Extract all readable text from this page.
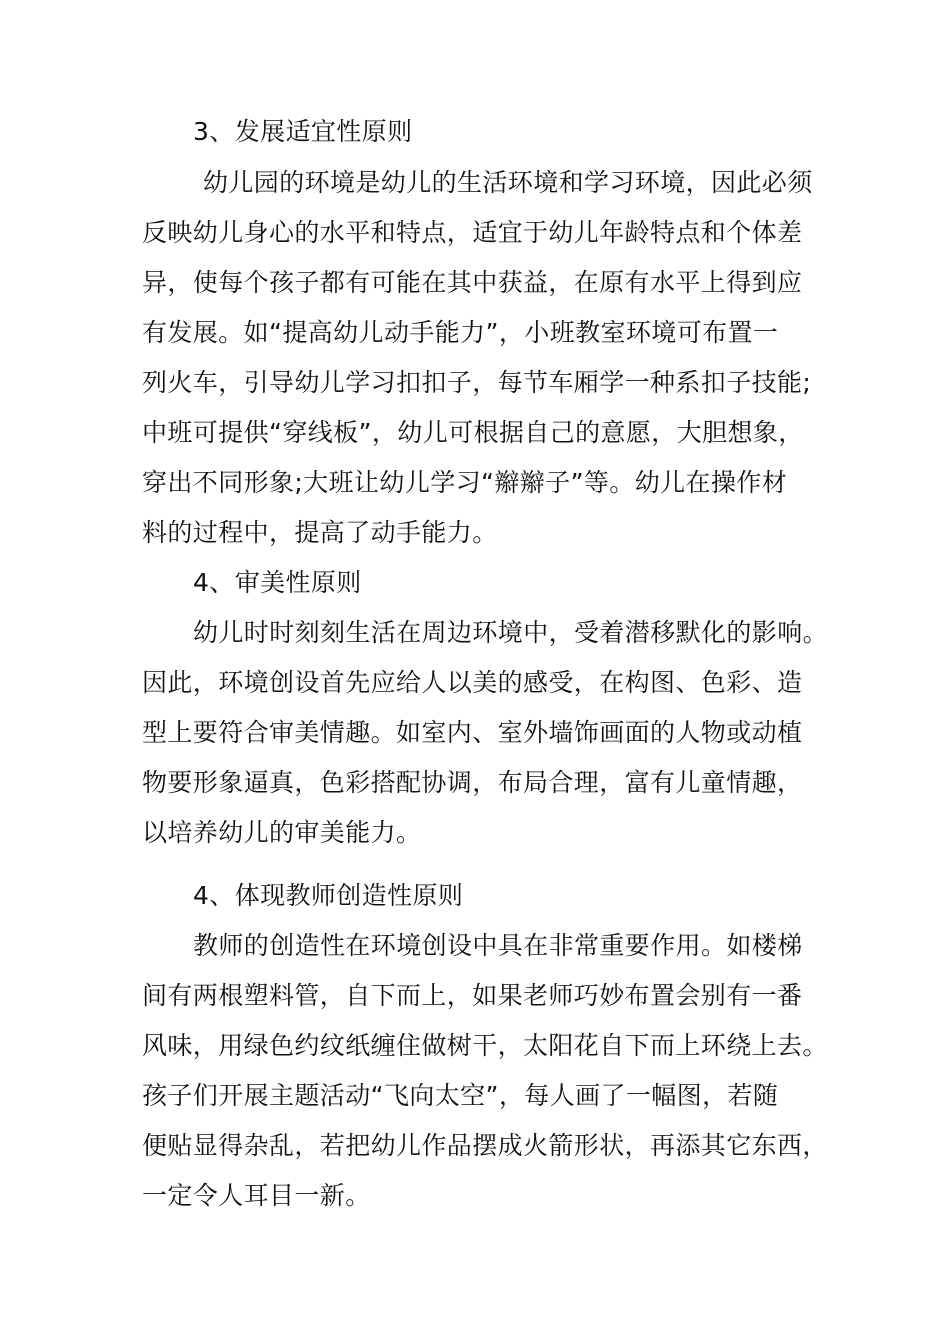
3、发展适宜性原则
幼儿园的环境是幼儿的生活环境和学习环境，因此必须
反映幼儿身心的水平和特点，适宜于幼儿年龄特点和个体差
异，使每个孩子都有可能在其中获益，在原有水平上得到应
有发展。如“提高幼儿动手能力”，小班教室环境可布置一
列火车，引导幼儿学习扣扣子，每节车厢学一种系扣子技能;
中班可提供“穿线板”，幼儿可根据自己的意愿，大胆想象，
穿出不同形象;大班让幼儿学习“辮辮子”等。幼儿在操作材
料的过程中，提高了动手能力。
4、审美性原则
幼儿时时刻刻生活在周边环境中，受着潜移默化的影响。
因此，环境创设首先应给人以美的感受，在构图、色彩、造
型上要符合审美情趣。如室内、室外墙饰画面的人物或动植
物要形象逼真，色彩搭配协调，布局合理，富有儿童情趣，
以培养幼儿的审美能力。
4、体现教师创造性原则
教师的创造性在环境创设中具在非常重要作用。如楼梯
间有两根塑料管，自下而上，如果老师巧妙布置会别有一番
风味，用绿色约纹纸缠住做树干，太阳花自下而上环绕上去。
孩子们开展主题活动“飞向太空”，每人画了一幅图，若随
便贴显得杂乱，若把幼儿作品摆成火箭形状，再添其它东西，
一定令人耳目一新。
